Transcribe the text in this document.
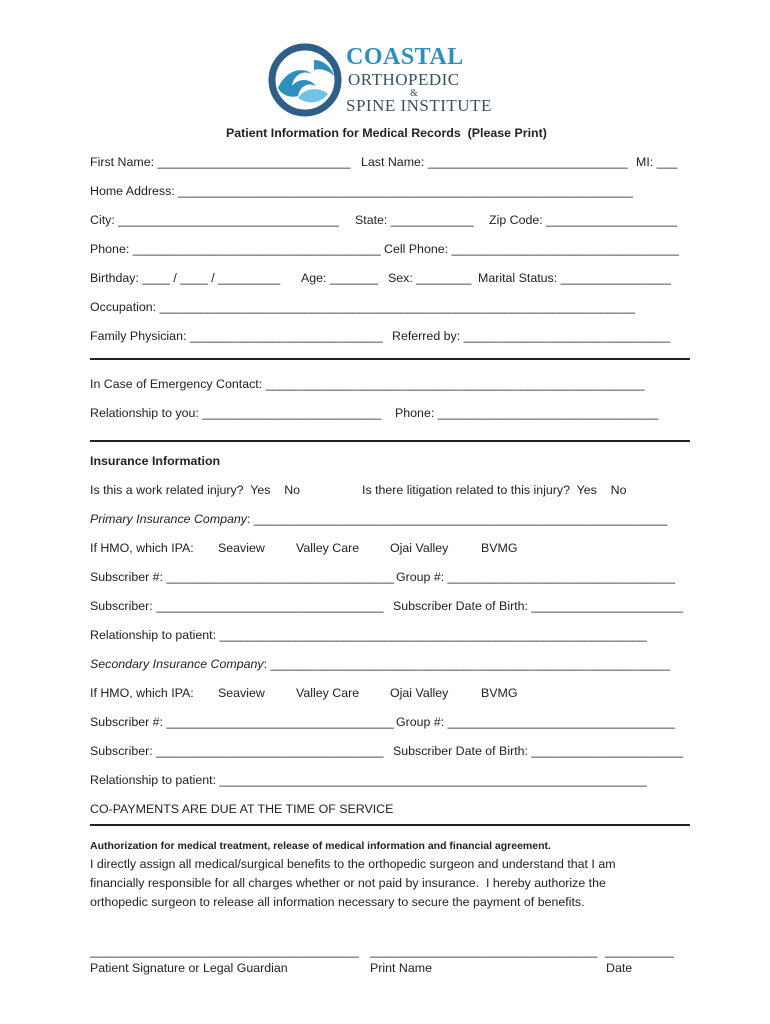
COASTAL
ORTHOPEDIC
&
SPINE INSTITUTE
Patient Information for Medical Records  (Please Print)
First Name: ____________________________ Last Name: _____________________________ MI: ___
Home Address: __________________________________________________________________
City: ________________________________ State: ____________ Zip Code: ___________________
Phone: ____________________________________ Cell Phone: _________________________________
Birthday: ____ / ____ / _________ Age: _______ Sex: ________ Marital Status: ________________
Occupation: _____________________________________________________________________
Family Physician: ____________________________ Referred by: ______________________________
In Case of Emergency Contact: _______________________________________________________
Relationship to you: __________________________ Phone: ________________________________
Insurance Information
Is this a work related injury?  Yes    No	Is there litigation related to this injury?  Yes    No
Primary Insurance Company: ____________________________________________________________
If HMO, which IPA: Seaview	Valley Care Ojai Valley	BVMG
Subscriber #: _________________________________ Group #: _________________________________
Subscriber: _________________________________ Subscriber Date of Birth: ______________________
Relationship to patient: ______________________________________________________________
Secondary Insurance Company: __________________________________________________________
If HMO, which IPA: Seaview	Valley Care Ojai Valley	BVMG
Subscriber #: _________________________________ Group #: _________________________________
Subscriber: _________________________________ Subscriber Date of Birth: ______________________
Relationship to patient: ______________________________________________________________
CO-PAYMENTS ARE DUE AT THE TIME OF SERVICE
Authorization for medical treatment, release of medical information and financial agreement.
I directly assign all medical/surgical benefits to the orthopedic surgeon and understand that I am
financially responsible for all charges whether or not paid by insurance.  I hereby authorize the
orthopedic surgeon to release all information necessary to secure the payment of benefits.
_______________________________________ _________________________________ __________
Patient Signature or Legal Guardian	Print Name	Date
